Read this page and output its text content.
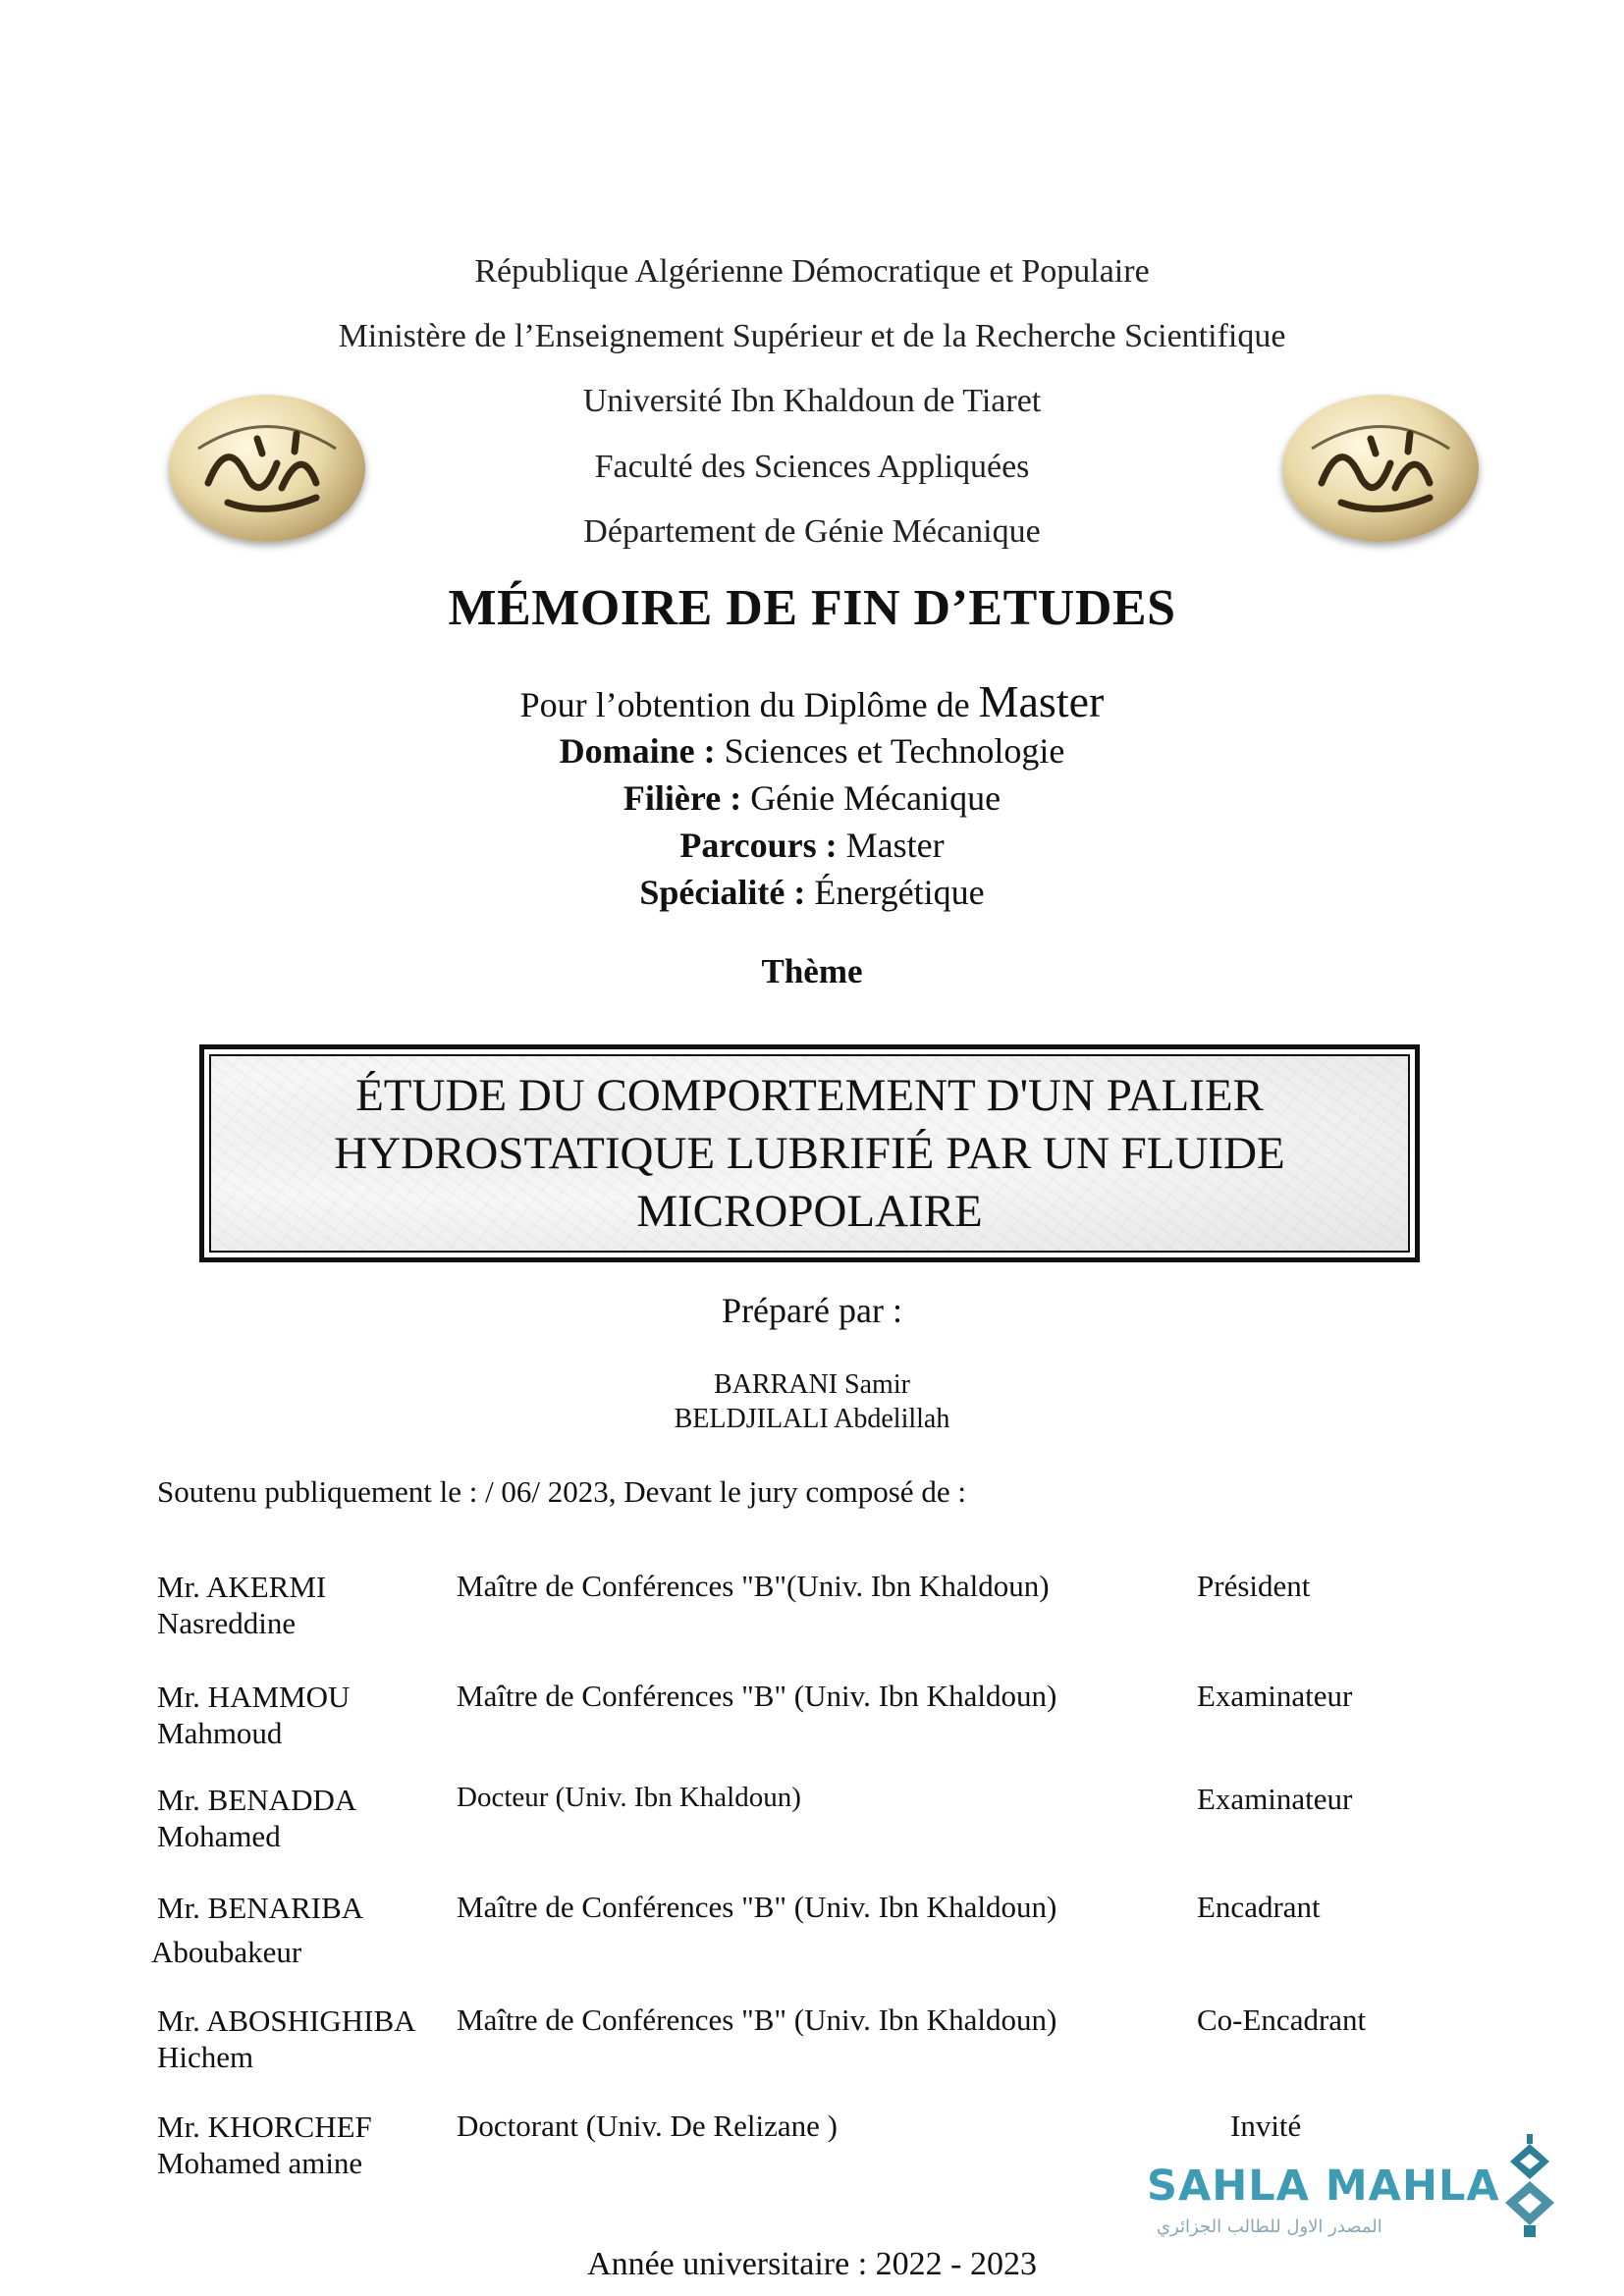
République Algérienne Démocratique et Populaire
Ministère de l’Enseignement Supérieur et de la Recherche Scientifique
Université Ibn Khaldoun de Tiaret
Faculté des Sciences Appliquées
Département de Génie Mécanique
MÉMOIRE DE FIN D’ETUDES
Pour l’obtention du Diplôme de Master
Domaine : Sciences et Technologie
Filière : Génie Mécanique
Parcours : Master
Spécialité : Énergétique
Thème
ÉTUDE DU COMPORTEMENT D'UN PALIER
HYDROSTATIQUE LUBRIFIÉ PAR UN FLUIDE
MICROPOLAIRE
Préparé par :
BARRANI Samir
BELDJILALI Abdelillah
Soutenu publiquement le : / 06/ 2023, Devant le jury composé de :
Mr. AKERMI
Nasreddine
Maître de Conférences "B"(Univ. Ibn Khaldoun)	Président
Mr. HAMMOU
Mahmoud
Maître de Conférences "B" (Univ. Ibn Khaldoun)	Examinateur
Mr. BENADDA
Mohamed
Docteur (Univ. Ibn Khaldoun)	Examinateur
Mr. BENARIBA
Aboubakeur
Maître de Conférences "B" (Univ. Ibn Khaldoun)	Encadrant
Mr. ABOSHIGHIBA
Hichem
Maître de Conférences "B" (Univ. Ibn Khaldoun)	Co-Encadrant
Mr. KHORCHEF
Mohamed amine
Doctorant (Univ. De Relizane )	Invité
SAHLA MAHLA
المصدر الاول للطالب الجزائري
Année universitaire : 2022 - 2023
